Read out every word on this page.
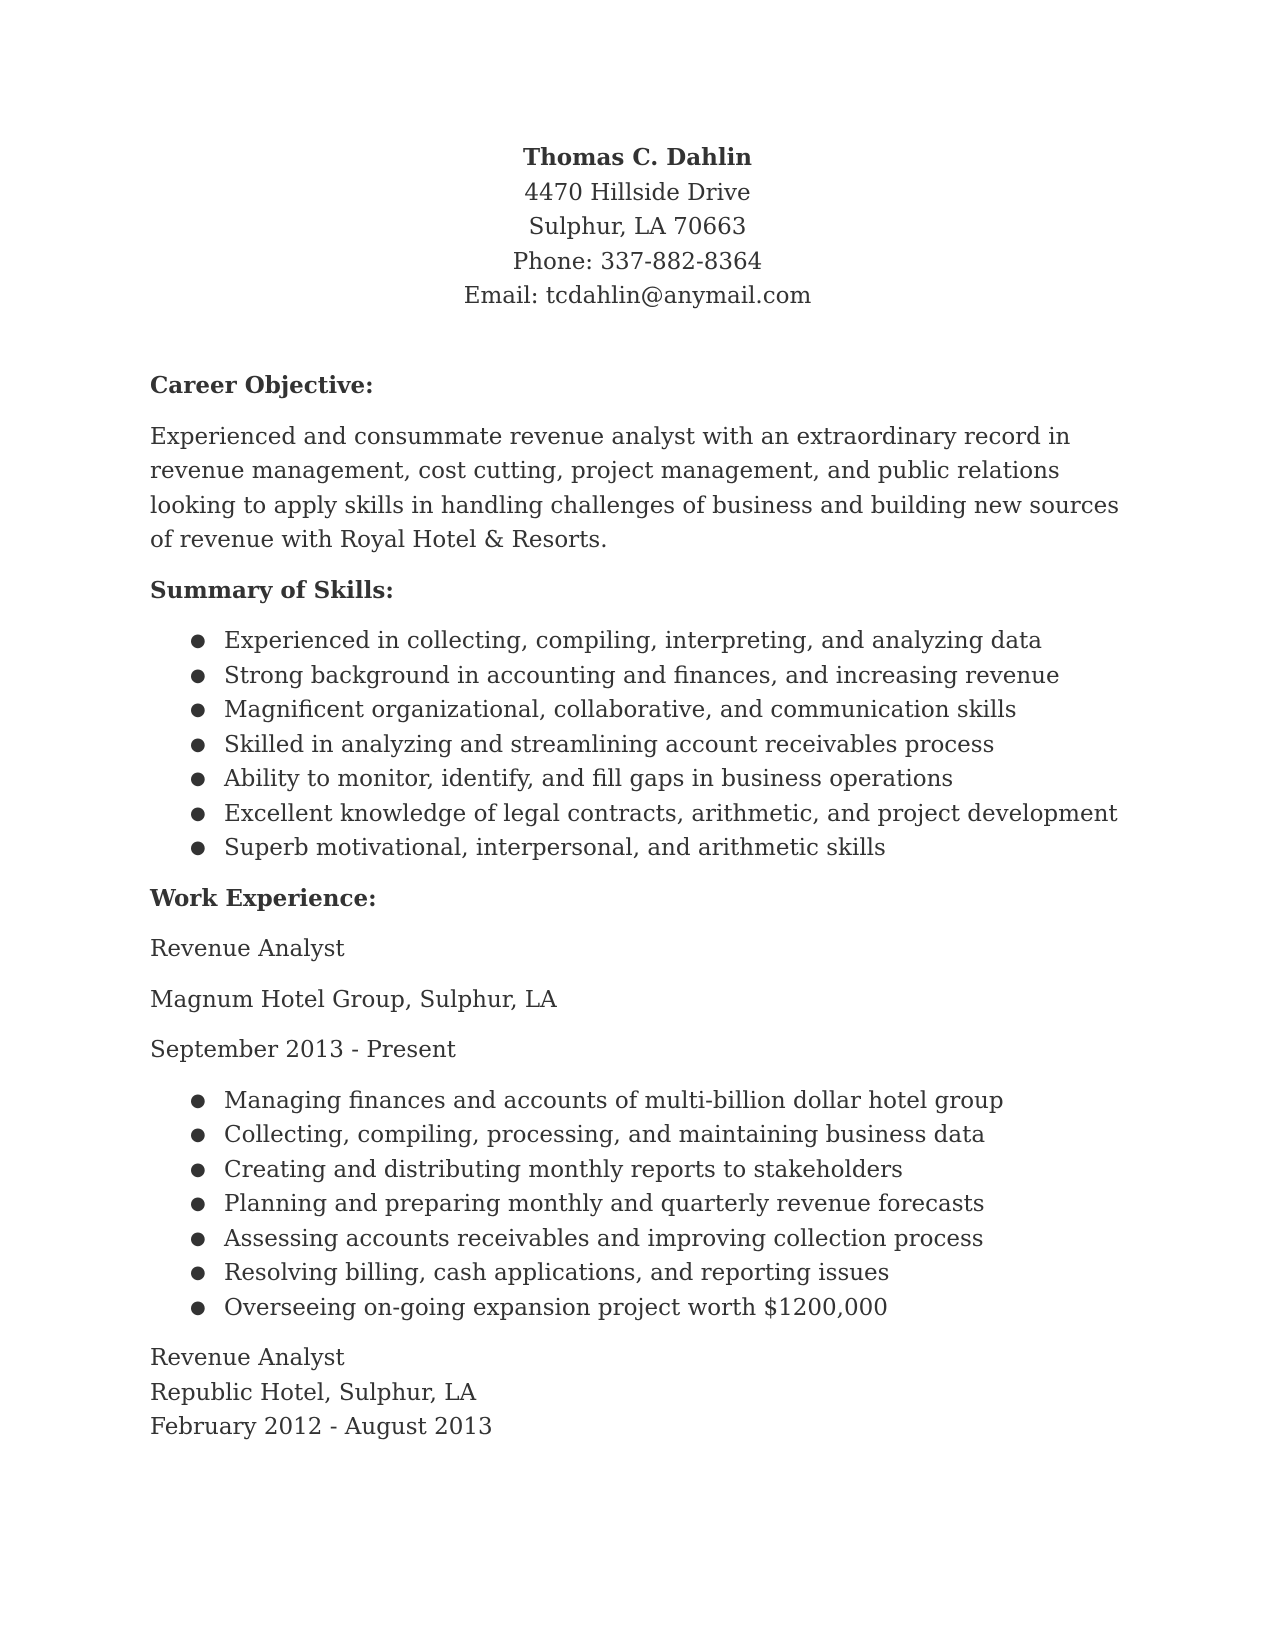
Thomas C. Dahlin
4470 Hillside Drive
Sulphur, LA 70663
Phone: 337-882-8364
Email: tcdahlin@anymail.com

Career Objective:

Experienced and consummate revenue analyst with an extraordinary record in revenue management, cost cutting, project management, and public relations looking to apply skills in handling challenges of business and building new sources of revenue with Royal Hotel & Resorts.

Summary of Skills:

● Experienced in collecting, compiling, interpreting, and analyzing data
● Strong background in accounting and finances, and increasing revenue
● Magnificent organizational, collaborative, and communication skills
● Skilled in analyzing and streamlining account receivables process
● Ability to monitor, identify, and fill gaps in business operations
● Excellent knowledge of legal contracts, arithmetic, and project development
● Superb motivational, interpersonal, and arithmetic skills

Work Experience:

Revenue Analyst

Magnum Hotel Group, Sulphur, LA

September 2013 - Present

● Managing finances and accounts of multi-billion dollar hotel group
● Collecting, compiling, processing, and maintaining business data
● Creating and distributing monthly reports to stakeholders
● Planning and preparing monthly and quarterly revenue forecasts
● Assessing accounts receivables and improving collection process
● Resolving billing, cash applications, and reporting issues
● Overseeing on-going expansion project worth $1200,000

Revenue Analyst

Republic Hotel, Sulphur, LA

February 2012 - August 2013
